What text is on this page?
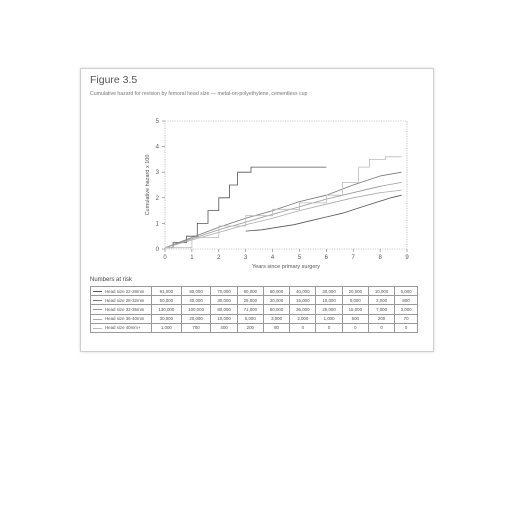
Figure 3.5
Cumulative hazard for revision by femoral head size — metal-on-polyethylene, cementless cup
0
1
2
3
4
5
0	1	2	3	4	5	6	7	8	9
Years since primary surgery
Cumulative hazard x 100
Numbers at risk
Head size 22-28mm	91,000	80,000	70,000	60,000	50,000	40,000	30,000	20,000	10,000	5,000
Head size 28-32mm	50,000	40,000	30,000	25,000	20,000	15,000	10,000	5,000	2,000	800
Head size 32-36mm	130,000	100,000	80,000	71,000	50,000	36,000	25,000	15,000	7,000	3,000
Head size 36-40mm	30,000	20,000	10,000	5,000	3,000	2,000	1,000	500	200	70
Head size 40mm+	1,000	700	400	200	80	0	0	0	0	0
